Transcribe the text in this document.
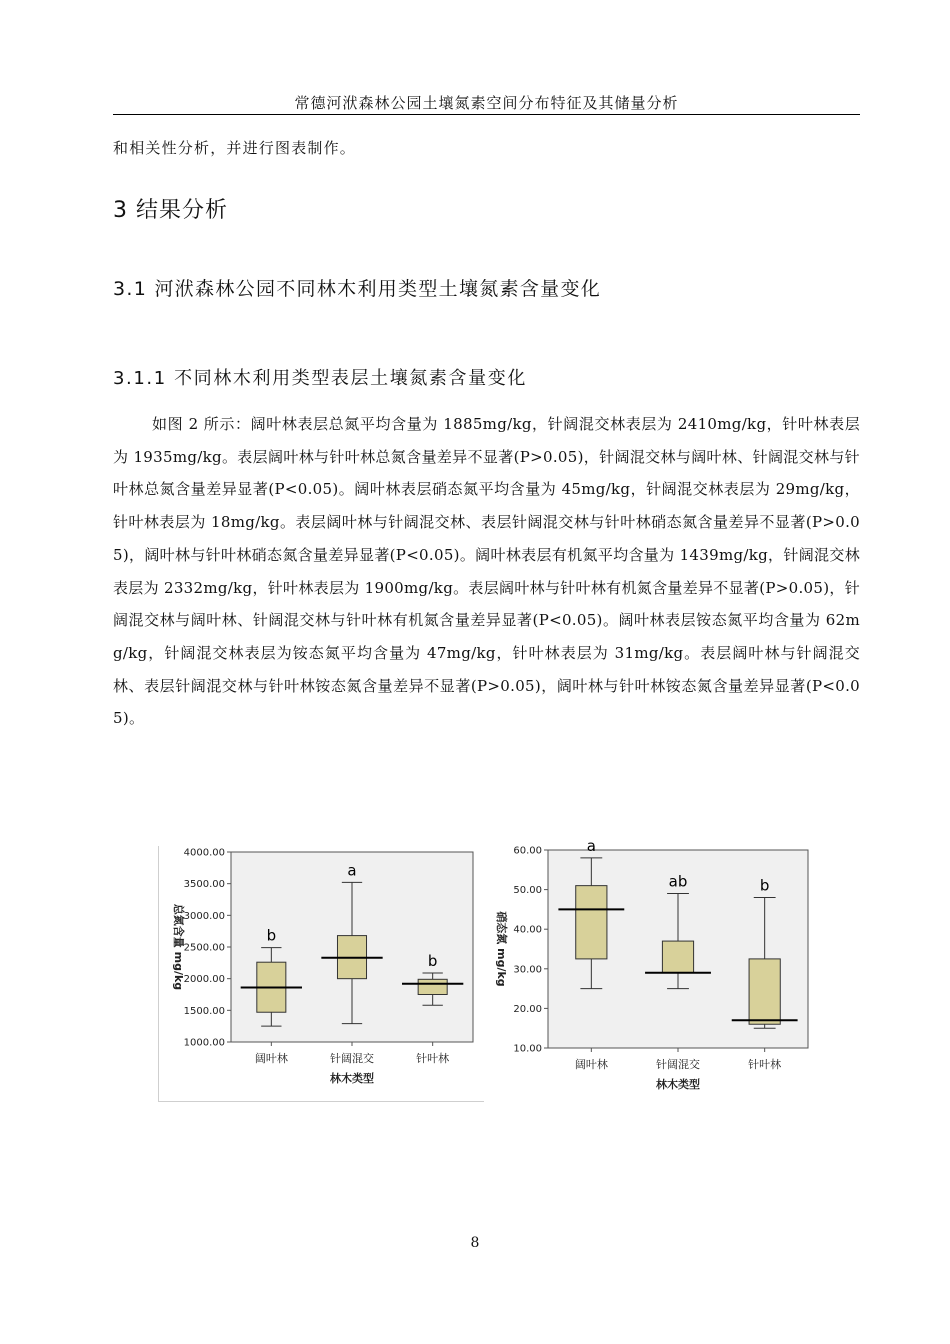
常德河洑森林公园土壤氮素空间分布特征及其储量分析
和相关性分析，并进行图表制作。
3 结果分析
3.1 河洑森林公园不同林木利用类型土壤氮素含量变化
3.1.1 不同林木利用类型表层土壤氮素含量变化
如图 2 所示：阔叶林表层总氮平均含量为 1885mg/kg，针阔混交林表层为 2410mg/kg，针叶林表层为 1935mg/kg。表层阔叶林与针叶林总氮含量差异不显著(P>0.05)，针阔混交林与阔叶林、针阔混交林与针叶林总氮含量差异显著(P<0.05)。阔叶林表层硝态氮平均含量为 45mg/kg，针阔混交林表层为 29mg/kg，针叶林表层为 18mg/kg。表层阔叶林与针阔混交林、表层针阔混交林与针叶林硝态氮含量差异不显著(P>0.05)，阔叶林与针叶林硝态氮含量差异显著(P<0.05)。阔叶林表层有机氮平均含量为 1439mg/kg，针阔混交林表层为 2332mg/kg，针叶林表层为 1900mg/kg。表层阔叶林与针叶林有机氮含量差异不显著(P>0.05)，针阔混交林与阔叶林、针阔混交林与针叶林有机氮含量差异显著(P<0.05)。阔叶林表层铵态氮平均含量为 62mg/kg，针阔混交林表层为铵态氮平均含量为 47mg/kg，针叶林表层为 31mg/kg。表层阔叶林与针阔混交林、表层针阔混交林与针叶林铵态氮含量差异不显著(P>0.05)，阔叶林与针叶林铵态氮含量差异显著(P<0.05)。
1000.00
1500.00
2000.00
2500.00
3000.00
3500.00
4000.00
总氮含量 mg/kg
阔叶林
b
针阔混交
a
针叶林
b
林木类型
10.00
20.00
30.00
40.00
50.00
60.00
硝态氮 mg/kg
阔叶林
a
针阔混交
ab
针叶林
b
林木类型
8
